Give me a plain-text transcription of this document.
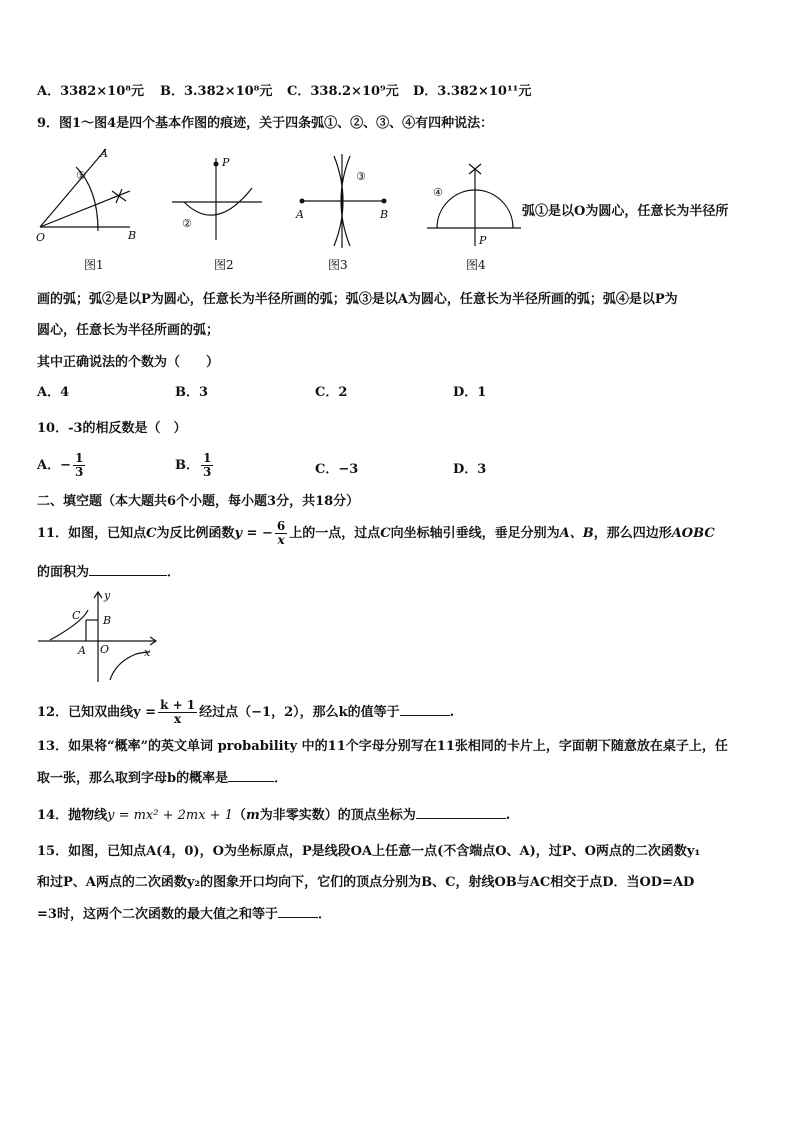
A．3382×10⁸元 B．3.382×10⁸元 C．338.2×10⁹元 D．3.382×10¹¹元
9．图1～图4是四个基本作图的痕迹，关于四条弧①、②、③、④有四种说法：
A
①
O	B
图1
P
②
图2
③
A	B
图3
④
P
图4
弧①是以O为圆心，任意长为半径所
画的弧；弧②是以P为圆心，任意长为半径所画的弧；弧③是以A为圆心，任意长为半径所画的弧；弧④是以P为
圆心，任意长为半径所画的弧；
其中正确说法的个数为（　　）
A．4	B．3	C．2	D．1
10．-3的相反数是（　）
A．− $\frac{1}{3}$	B． $\frac{1}{3}$	C．−3	D．3
二、填空题（本大题共6个小题，每小题3分，共18分）
11．如图，已知点C为反比例函数y = − $\frac{6}{x}$ 上的一点，过点C向坐标轴引垂线，垂足分别为A、B，那么四边形AOBC
的面积为	．
y
C B
A O	x
12．已知双曲线$y = \frac{k + 1}{x}$ 经过点（−1，2），那么k的值等于	.
13．如果将“概率”的英文单词 probability 中的11个字母分别写在11张相同的卡片上，字面朝下随意放在桌子上，任
取一张，那么取到字母b的概率是	．
14．抛物线y = mx² + 2mx + 1（m为非零实数）的顶点坐标为	.
15．如图，已知点A(4，0)，O为坐标原点，P是线段OA上任意一点(不含端点O、A)，过P、O两点的二次函数y₁
和过P、A两点的二次函数y₂的图象开口均向下，它们的顶点分别为B、C，射线OB与AC相交于点D．当OD=AD
=3时，这两个二次函数的最大值之和等于	．
